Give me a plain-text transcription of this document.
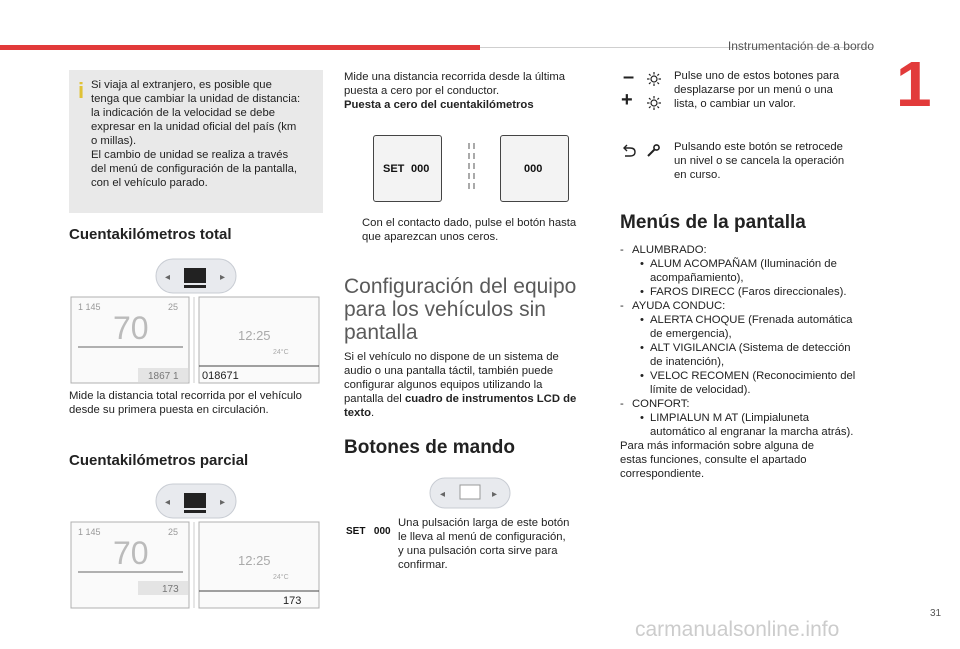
Instrumentación de a bordo
1
i Si viaja al extranjero, es posible que
tenga que cambiar la unidad de distancia:
la indicación de la velocidad se debe
expresar en la unidad oficial del país (km
o millas).
El cambio de unidad se realiza a través
del menú de configuración de la pantalla,
con el vehículo parado.
Cuentakilómetros total
◂	▸
1 145	25
70
1867 1
12:25
24°C
018671
Mide la distancia total recorrida por el vehículo
desde su primera puesta en circulación.
Cuentakilómetros parcial
◂	▸
1 145	25
70
173
12:25
24°C
173
Mide una distancia recorrida desde la última
puesta a cero por el conductor.
Puesta a cero del cuentakilómetros
SET 000	000
Con el contacto dado, pulse el botón hasta
que aparezcan unos ceros.
Configuración del equipo
para los vehículos sin
pantalla
Si el vehículo no dispone de un sistema de
audio o una pantalla táctil, también puede
configurar algunos equipos utilizando la
pantalla del cuadro de instrumentos LCD de
texto.
Botones de mando
◂	▸
SET 000
Una pulsación larga de este botón
le lleva al menú de configuración,
y una pulsación corta sirve para
confirmar.
–
+
Pulse uno de estos botones para
desplazarse por un menú o una
lista, o cambiar un valor.
Pulsando este botón se retrocede
un nivel o se cancela la operación
en curso.
Menús de la pantalla
- ALUMBRADO:
• ALUM ACOMPAÑAM (Iluminación de
acompañamiento),
• FAROS DIRECC (Faros direccionales).
- AYUDA CONDUC:
• ALERTA CHOQUE (Frenada automática
de emergencia),
• ALT VIGILANCIA (Sistema de detección
de inatención),
• VELOC RECOMEN (Reconocimiento del
límite de velocidad).
- CONFORT:
• LIMPIALUN M AT (Limpialuneta
automático al engranar la marcha atrás).
Para más información sobre alguna de
estas funciones, consulte el apartado
correspondiente.
31
carmanualsonline.info
